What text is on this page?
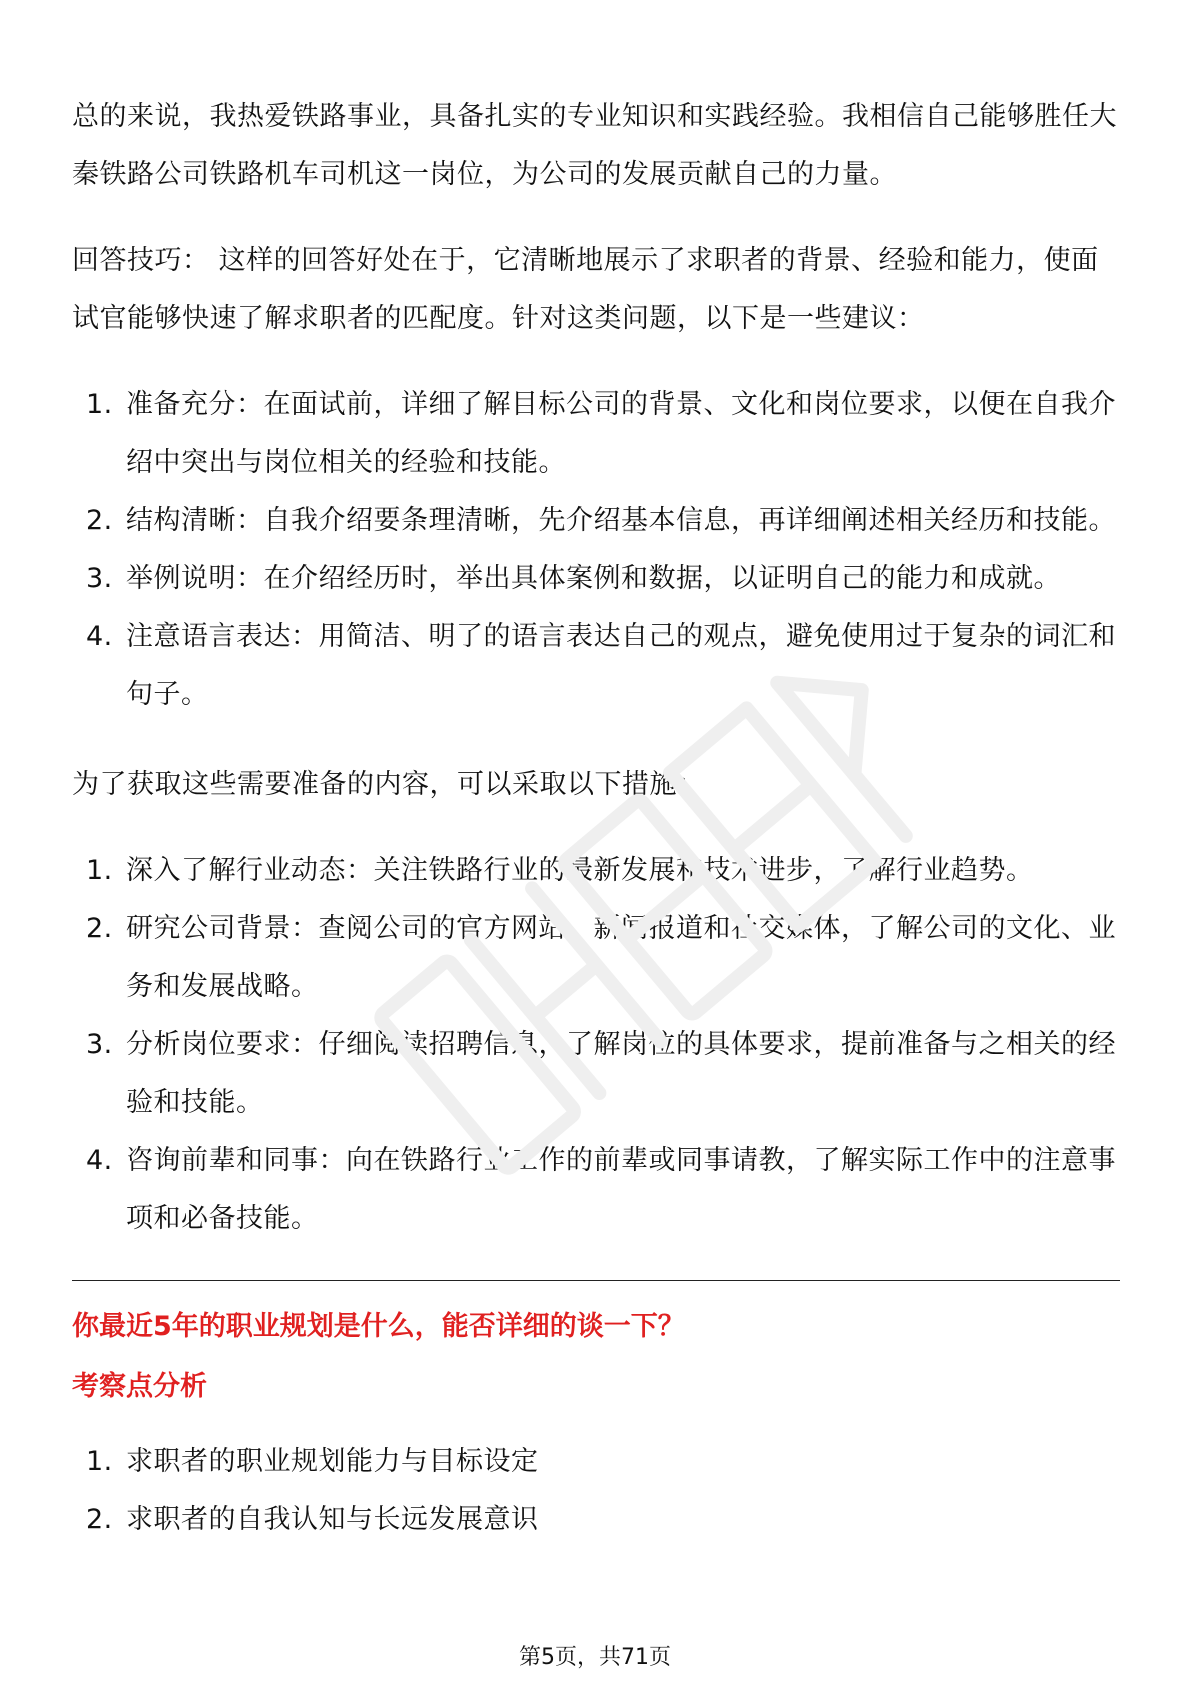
总的来说，我热爱铁路事业，具备扎实的专业知识和实践经验。我相信自己能够胜任大秦铁路公司铁路机车司机这一岗位，为公司的发展贡献自己的力量。

回答技巧： 这样的回答好处在于，它清晰地展示了求职者的背景、经验和能力，使面试官能够快速了解求职者的匹配度。针对这类问题，以下是一些建议：

1. 准备充分：在面试前，详细了解目标公司的背景、文化和岗位要求，以便在自我介绍中突出与岗位相关的经验和技能。
2. 结构清晰：自我介绍要条理清晰，先介绍基本信息，再详细阐述相关经历和技能。
3. 举例说明：在介绍经历时，举出具体案例和数据，以证明自己的能力和成就。
4. 注意语言表达：用简洁、明了的语言表达自己的观点，避免使用过于复杂的词汇和句子。

为了获取这些需要准备的内容，可以采取以下措施：

1. 深入了解行业动态：关注铁路行业的最新发展和技术进步，了解行业趋势。
2. 研究公司背景：查阅公司的官方网站、新闻报道和社交媒体，了解公司的文化、业务和发展战略。
3. 分析岗位要求：仔细阅读招聘信息，了解岗位的具体要求，提前准备与之相关的经验和技能。
4. 咨询前辈和同事：向在铁路行业工作的前辈或同事请教，了解实际工作中的注意事项和必备技能。

你最近5年的职业规划是什么，能否详细的谈一下？

考察点分析

1. 求职者的职业规划能力与目标设定
2. 求职者的自我认知与长远发展意识
第5页，共71页
